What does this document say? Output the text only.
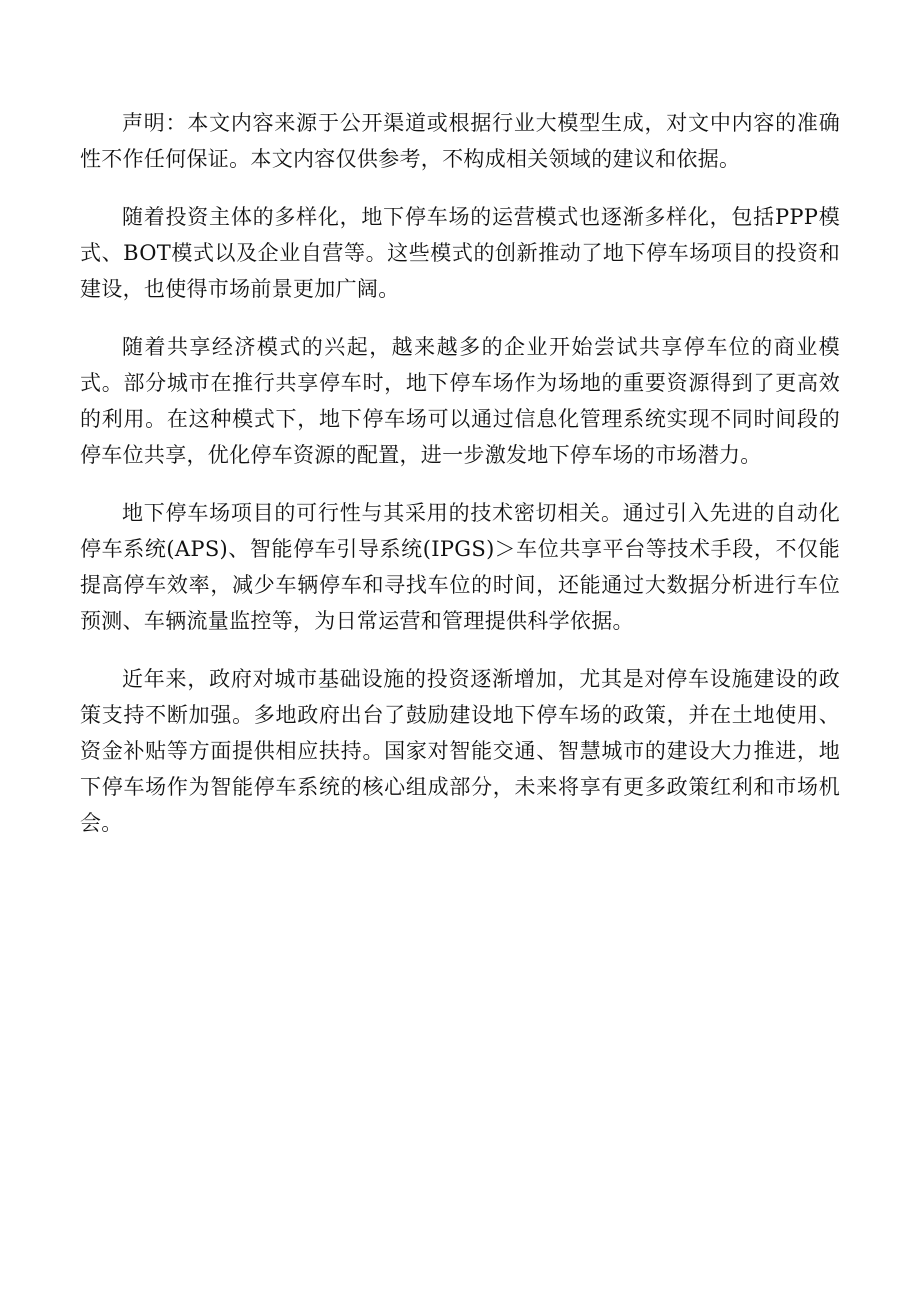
声明：本文内容来源于公开渠道或根据行业大模型生成，对文中内容的准确性不作任何保证。本文内容仅供参考，不构成相关领域的建议和依据。

随着投资主体的多样化，地下停车场的运营模式也逐渐多样化，包括PPP模式、BOT模式以及企业自营等。这些模式的创新推动了地下停车场项目的投资和建设，也使得市场前景更加广阔。

随着共享经济模式的兴起，越来越多的企业开始尝试共享停车位的商业模式。部分城市在推行共享停车时，地下停车场作为场地的重要资源得到了更高效的利用。在这种模式下，地下停车场可以通过信息化管理系统实现不同时间段的停车位共享，优化停车资源的配置，进一步激发地下停车场的市场潜力。

地下停车场项目的可行性与其采用的技术密切相关。通过引入先进的自动化停车系统(APS)、智能停车引导系统(IPGS)＞车位共享平台等技术手段，不仅能提高停车效率，减少车辆停车和寻找车位的时间，还能通过大数据分析进行车位预测、车辆流量监控等，为日常运营和管理提供科学依据。

近年来，政府对城市基础设施的投资逐渐增加，尤其是对停车设施建设的政策支持不断加强。多地政府出台了鼓励建设地下停车场的政策，并在土地使用、资金补贴等方面提供相应扶持。国家对智能交通、智慧城市的建设大力推进，地下停车场作为智能停车系统的核心组成部分，未来将享有更多政策红利和市场机会。
